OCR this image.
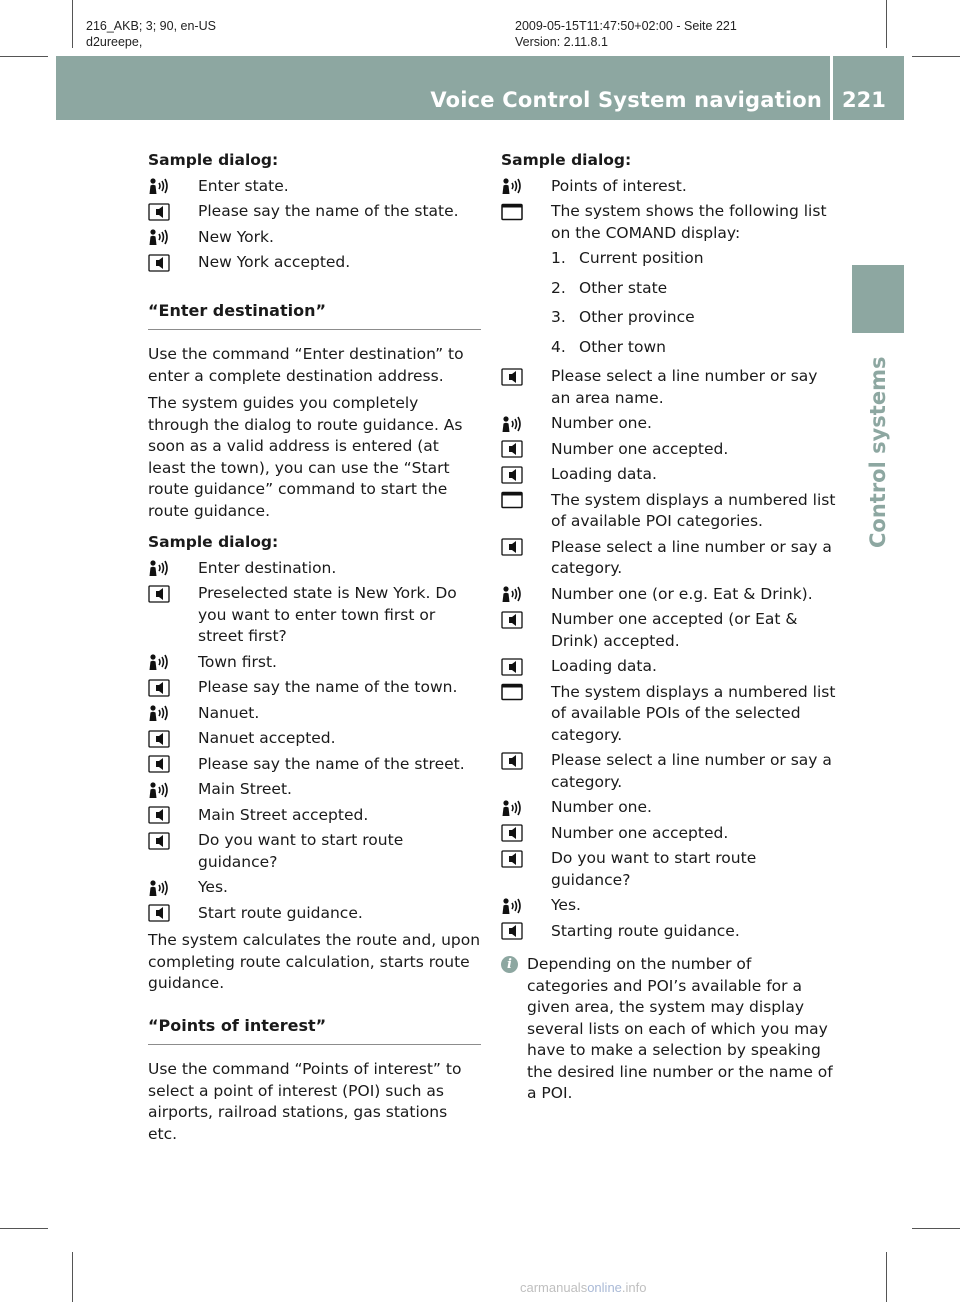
216_AKB; 3; 90, en-US
d2ureepe,
2009-05-15T11:47:50+02:00 - Seite 221
Version: 2.11.8.1
Voice Control System navigation 221
Control systems
Sample dialog:
Enter state.
Please say the name of the state.
New York.
New York accepted.
“Enter destination”

Use the command “Enter destination” to enter a complete destination address.

The system guides you completely through the dialog to route guidance. As soon as a valid address is entered (at least the town), you can use the “Start route guidance” command to start the route guidance.

Sample dialog:
Enter destination.
Preselected state is New York. Do you want to enter town first or street first?
Town first.
Please say the name of the town.
Nanuet.
Nanuet accepted.
Please say the name of the street.
Main Street.
Main Street accepted.
Do you want to start route guidance?
Yes.
Start route guidance.

The system calculates the route and, upon completing route calculation, starts route guidance.

“Points of interest”

Use the command “Points of interest” to select a point of interest (POI) such as airports, railroad stations, gas stations etc.

Sample dialog:
Points of interest.
The system shows the following list on the COMAND display:
1. Current position
2. Other state
3. Other province
4. Other town
Please select a line number or say an area name.
Number one.
Number one accepted.
Loading data.
The system displays a numbered list of available POI categories.
Please select a line number or say a category.
Number one (or e.g. Eat & Drink).
Number one accepted (or Eat & Drink) accepted.
Loading data.
The system displays a numbered list of available POIs of the selected category.
Please select a line number or say a category.
Number one.
Number one accepted.
Do you want to start route guidance?
Yes.
Starting route guidance.
i Depending on the number of categories and POI’s available for a given area, the system may display several lists on each of which you may have to make a selection by speaking the desired line number or the name of a POI.
carmanualsonline.info
